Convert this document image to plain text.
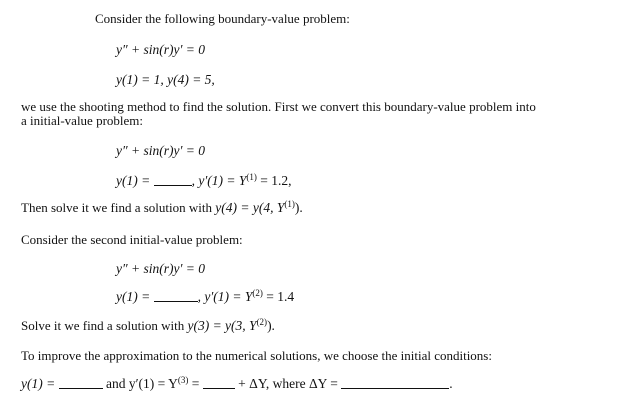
Consider the following boundary-value problem:
y″ + sin(r)y′ = 0
y(1) = 1, y(4) = 5,
we use the shooting method to find the solution. First we convert this boundary-value problem into
a initial-value problem:
y″ + sin(r)y′ = 0
y(1) =	, $y'(1) = Y^{(1)} = 1.2$,
Then solve it we find a solution with y(4) = y(4, $Y^{(1)}$).
Consider the second initial-value problem:
y″ + sin(r)y′ = 0
y(1) =	, $y'(1) = Y^{(2)} = 1.4$
Solve it we find a solution with y(3) = y(3, $Y^{(2)}$).
To improve the approximation to the numerical solutions, we choose the initial conditions:
y(1) =	and $y'(1) = Y^{(3)}$ =	+ ΔY, where ΔY =	.
